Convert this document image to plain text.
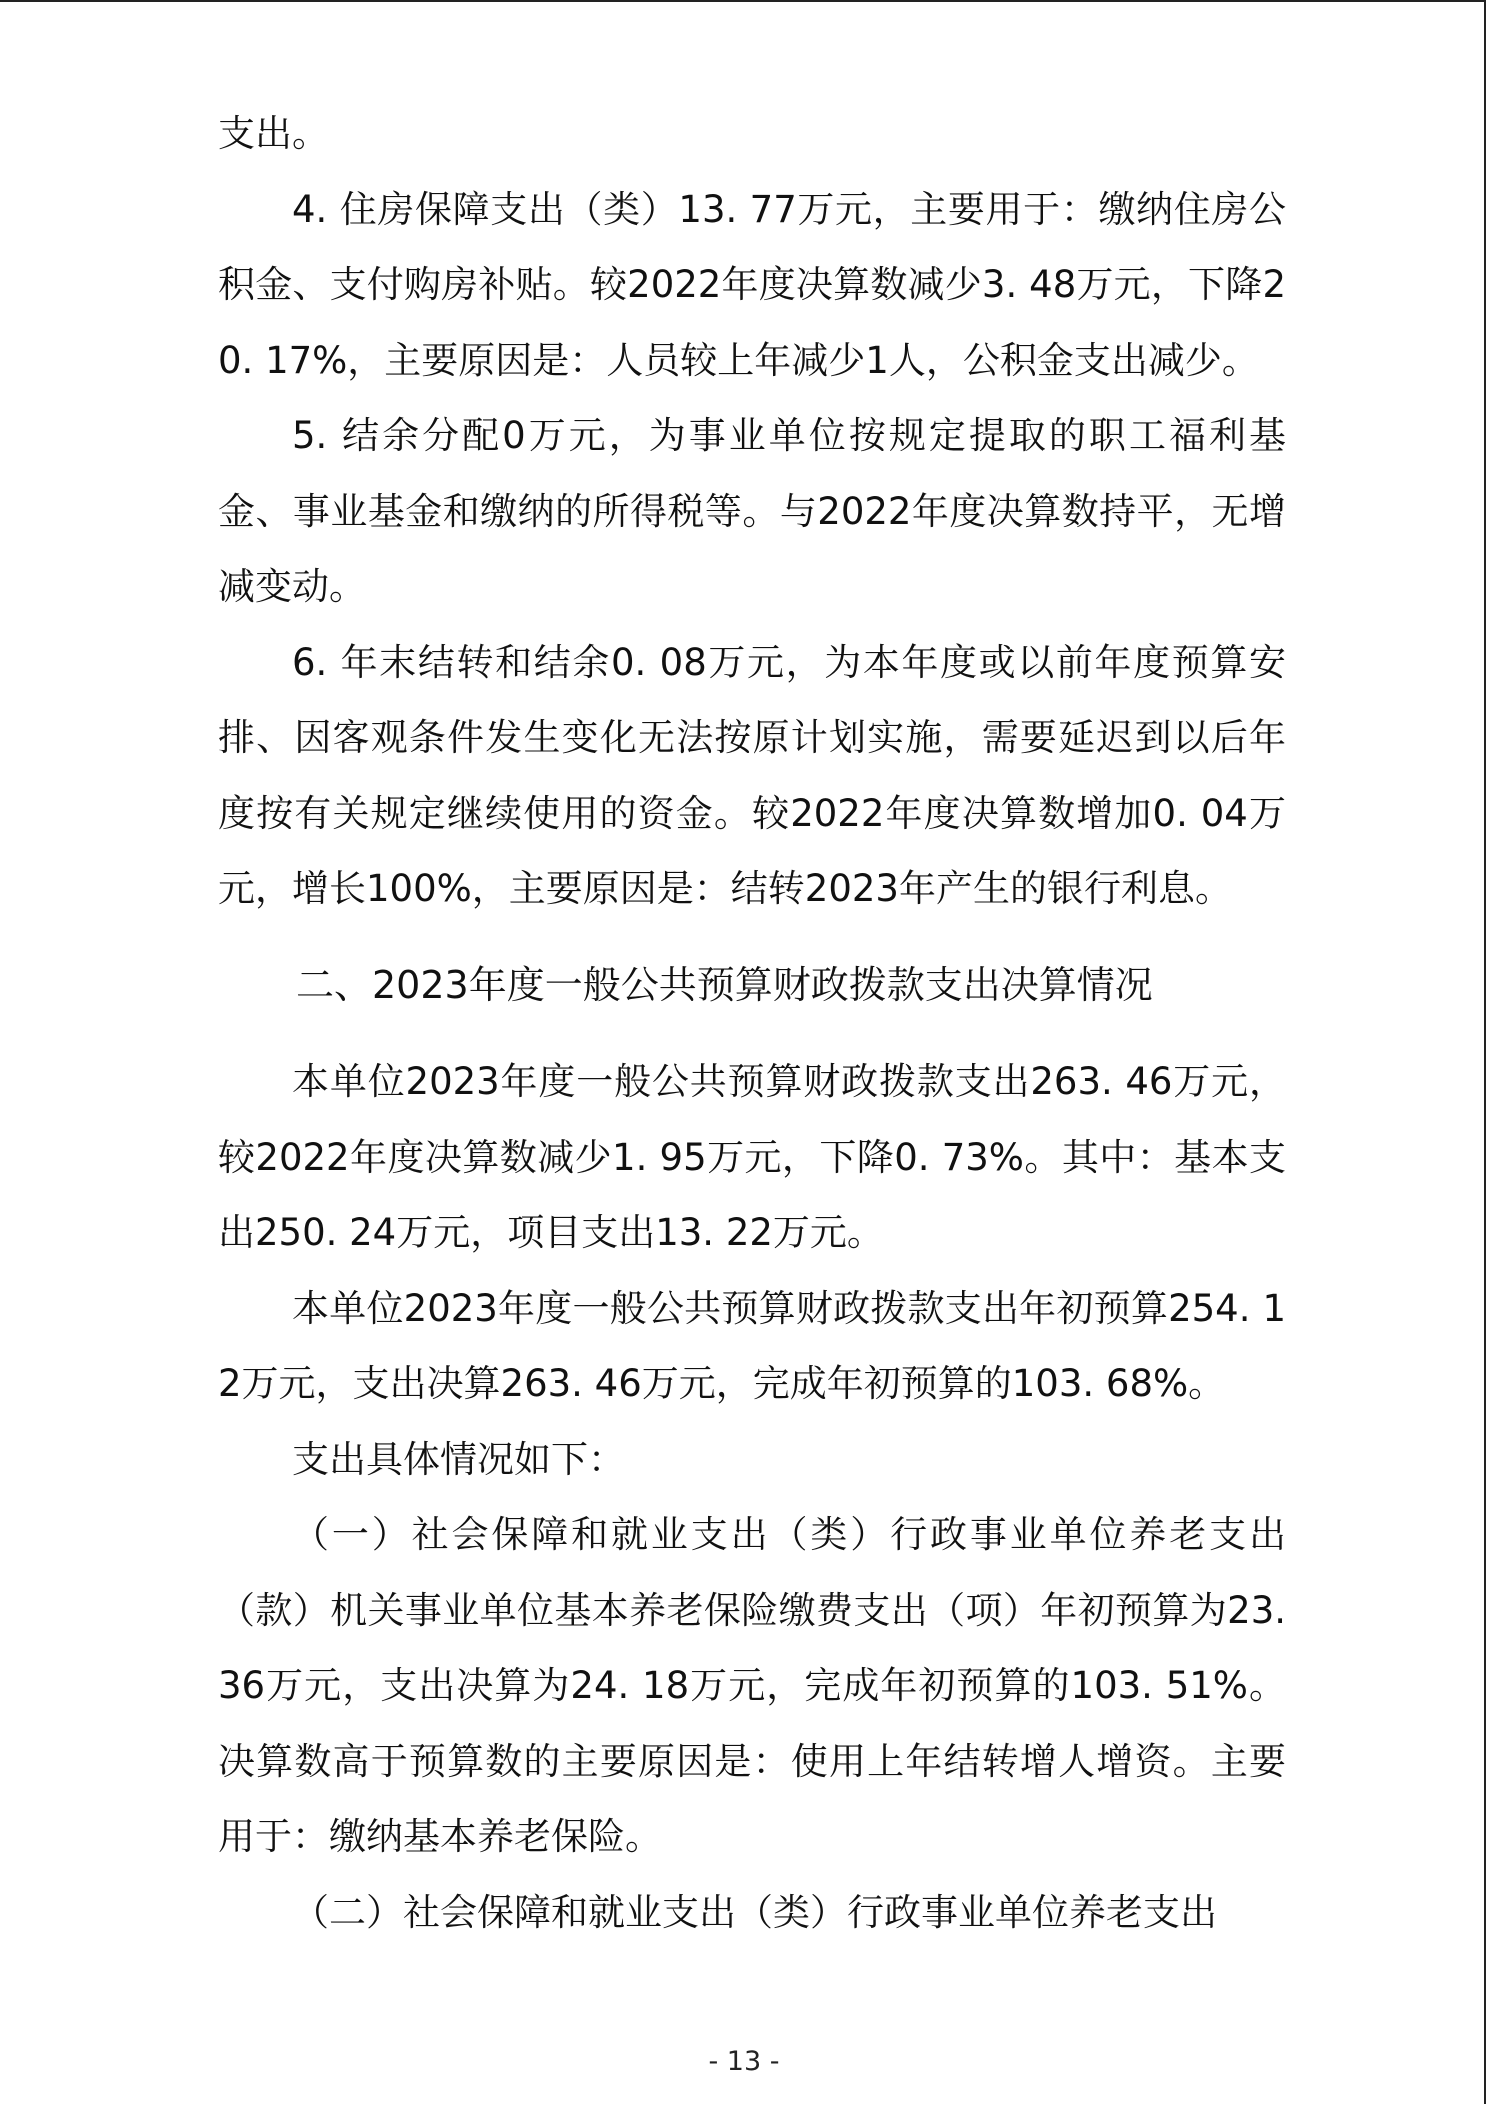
支出。

4. 住房保障支出（类）13. 77万元，主要用于：缴纳住房公积金、支付购房补贴。较2022年度决算数减少3. 48万元，下降20. 17%，主要原因是：人员较上年减少1人，公积金支出减少。

5. 结余分配0万元，为事业单位按规定提取的职工福利基金、事业基金和缴纳的所得税等。与2022年度决算数持平，无增减变动。

6. 年末结转和结余0. 08万元，为本年度或以前年度预算安排、因客观条件发生变化无法按原计划实施，需要延迟到以后年度按有关规定继续使用的资金。较2022年度决算数增加0. 04万元，增长100%，主要原因是：结转2023年产生的银行利息。

二、2023年度一般公共预算财政拨款支出决算情况

本单位2023年度一般公共预算财政拨款支出263. 46万元，较2022年度决算数减少1. 95万元，下降0. 73%。其中：基本支出250. 24万元，项目支出13. 22万元。

本单位2023年度一般公共预算财政拨款支出年初预算254. 12万元，支出决算263. 46万元，完成年初预算的103. 68%。

支出具体情况如下：

（一）社会保障和就业支出（类）行政事业单位养老支出（款）机关事业单位基本养老保险缴费支出（项）年初预算为23. 36万元，支出决算为24. 18万元，完成年初预算的103. 51%。决算数高于预算数的主要原因是：使用上年结转增人增资。主要用于：缴纳基本养老保险。

（二）社会保障和就业支出（类）行政事业单位养老支出

- 13 -
